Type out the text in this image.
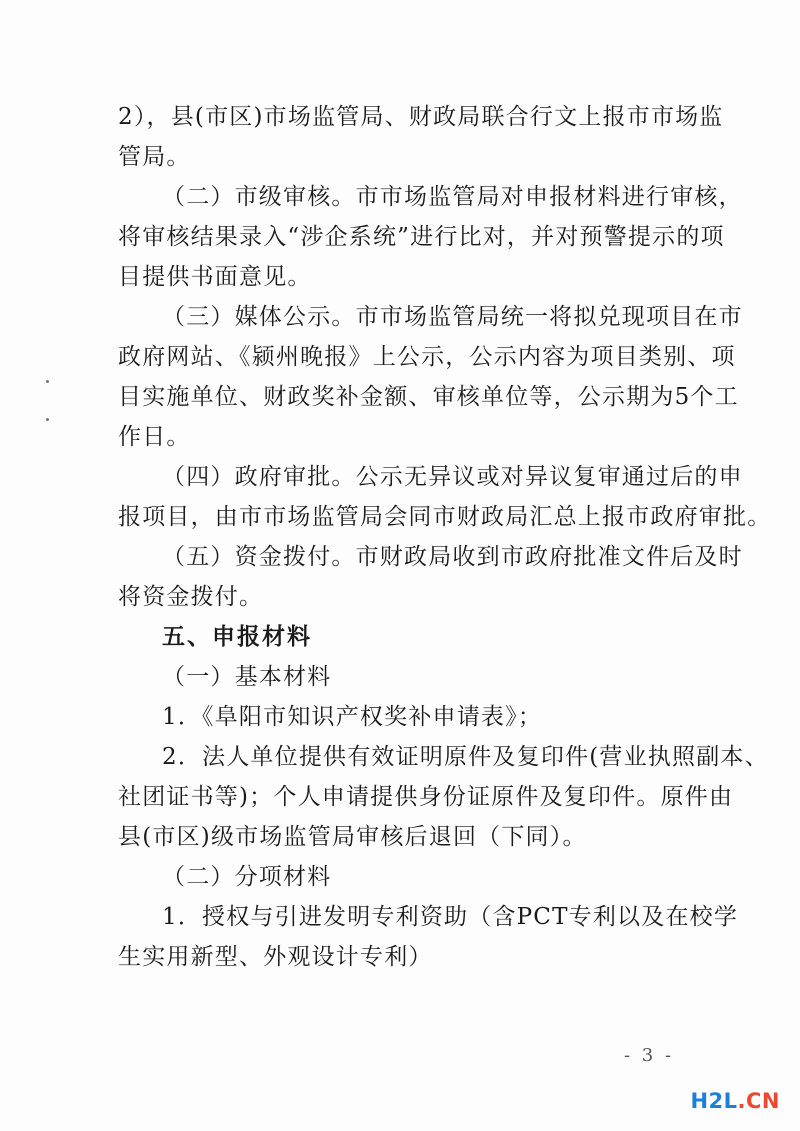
2），县(市区)市场监管局、财政局联合行文上报市市场监
管局。
（二）市级审核。市市场监管局对申报材料进行审核，
将审核结果录入“涉企系统”进行比对，并对预警提示的项
目提供书面意见。
（三）媒体公示。市市场监管局统一将拟兑现项目在市
政府网站、《颍州晚报》上公示，公示内容为项目类别、项
目实施单位、财政奖补金额、审核单位等，公示期为5个工
作日。
（四）政府审批。公示无异议或对异议复审通过后的申
报项目，由市市场监管局会同市财政局汇总上报市政府审批。
（五）资金拨付。市财政局收到市政府批准文件后及时
将资金拨付。
五、申报材料
（一）基本材料
1．《阜阳市知识产权奖补申请表》；
2．法人单位提供有效证明原件及复印件(营业执照副本、
社团证书等)；个人申请提供身份证原件及复印件。原件由
县(市区)级市场监管局审核后退回（下同）。
（二）分项材料
1．授权与引进发明专利资助（含PCT专利以及在校学
生实用新型、外观设计专利）
- 3 -
H2L.CN
